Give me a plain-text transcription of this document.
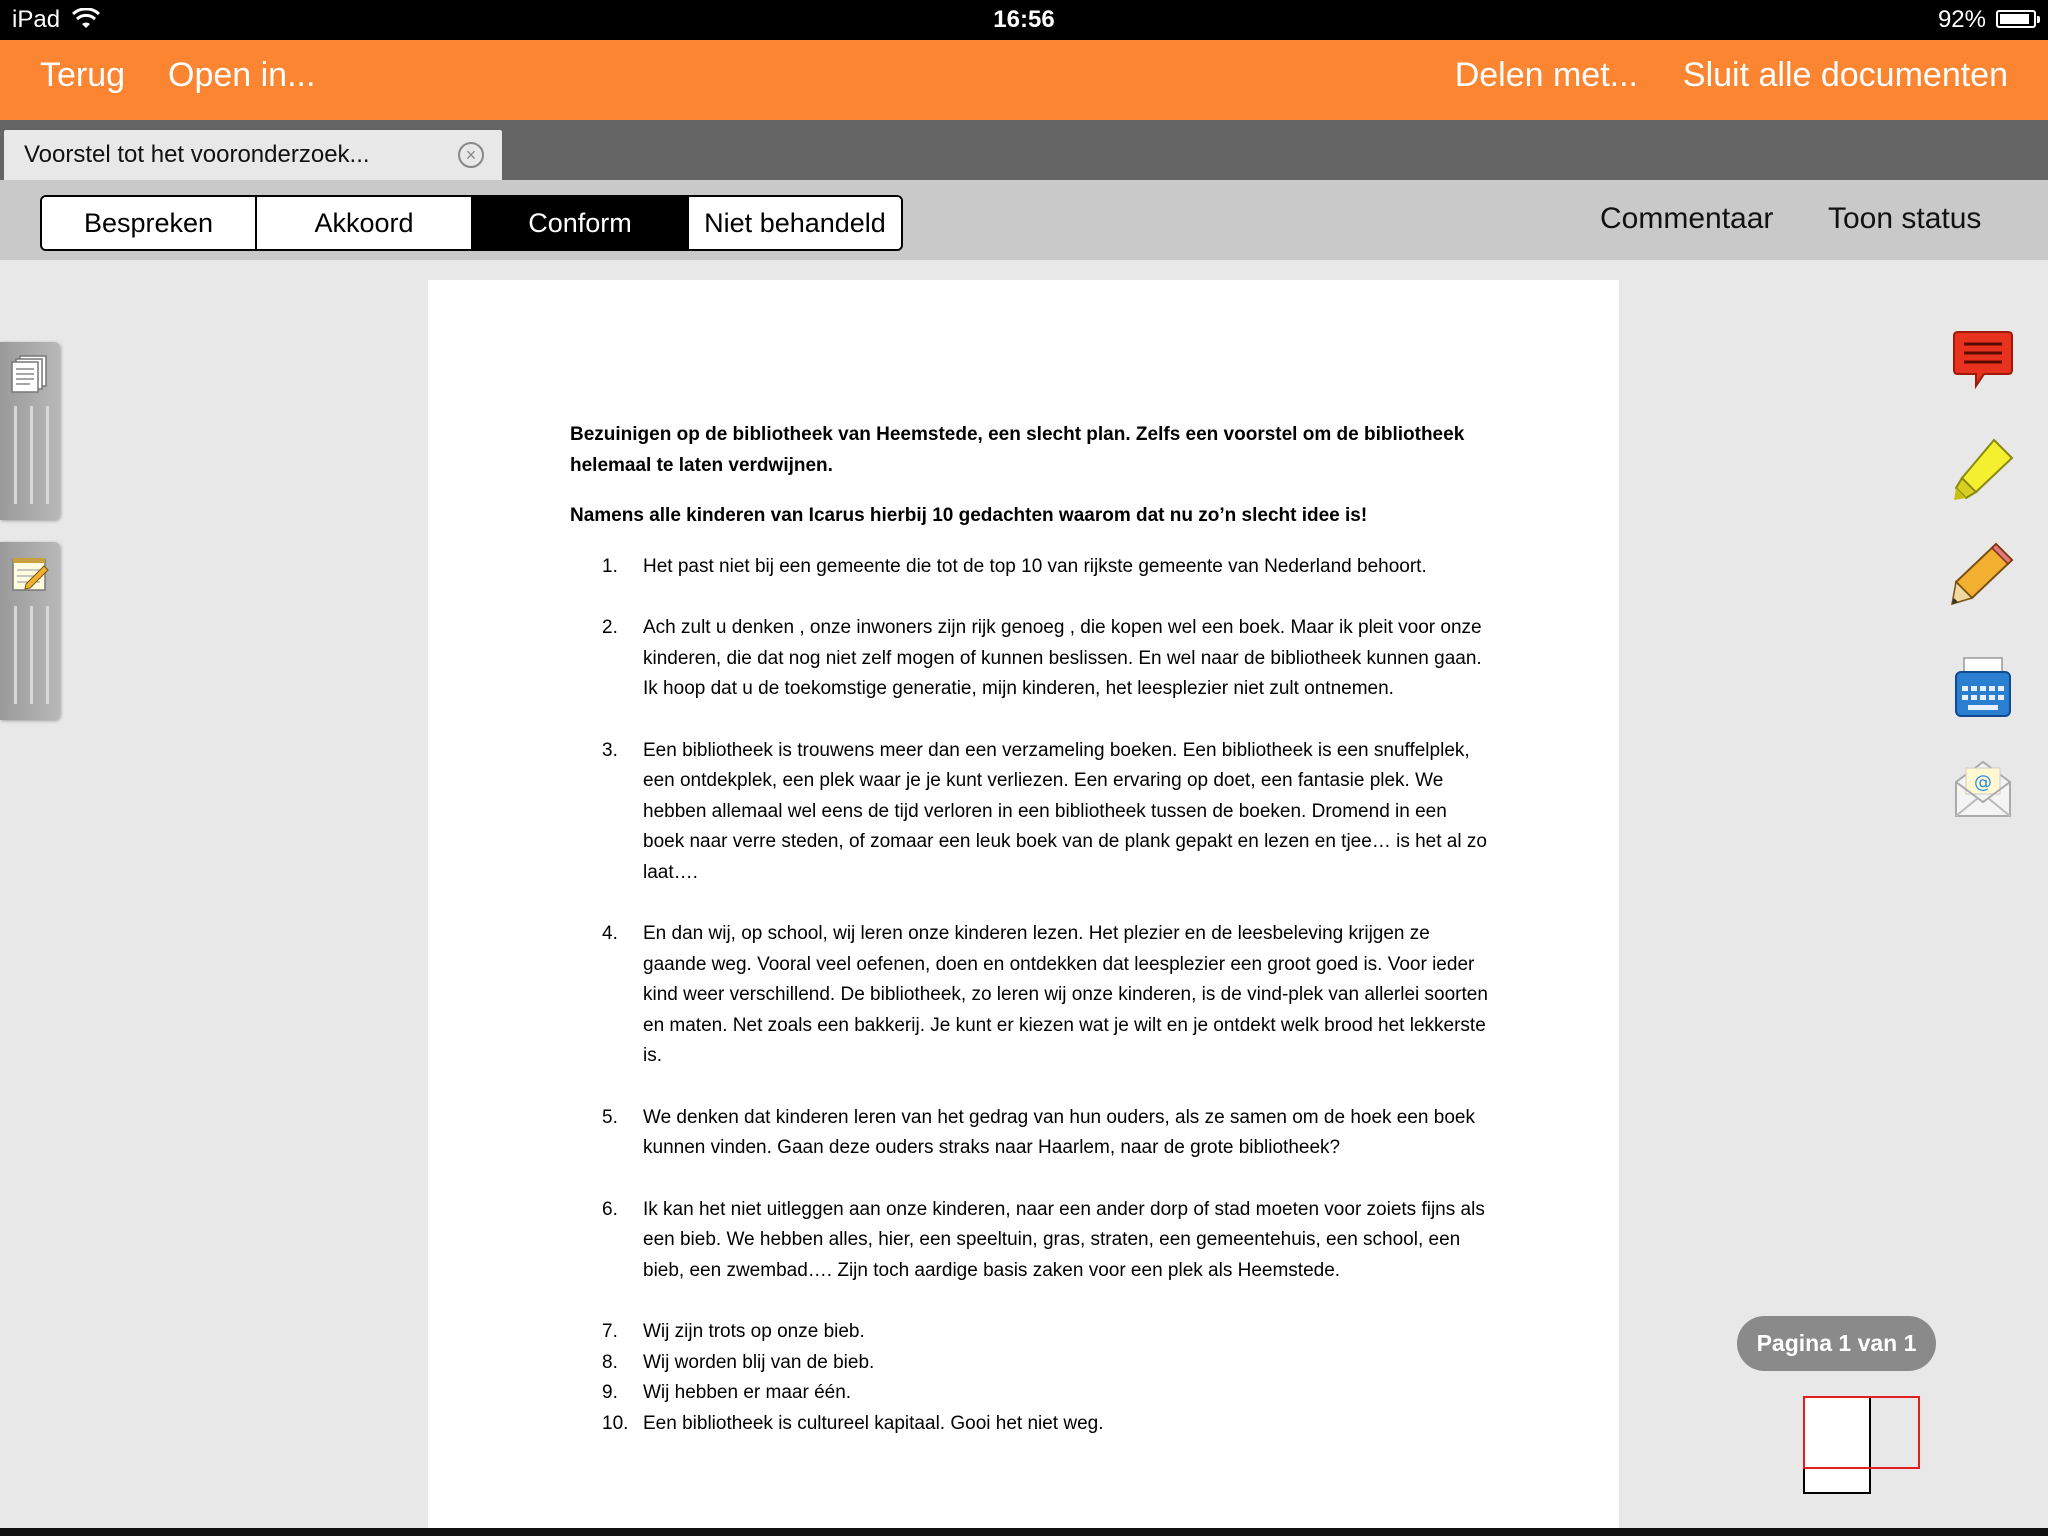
iPad	16:56	92%
Terug Open in...	Delen met... Sluit alle documenten
Voorstel tot het vooronderzoek...	×
Bespreken	Akkoord	Conform	Niet behandeld	Commentaar Toon status

Bezuinigen op de bibliotheek van Heemstede, een slecht plan. Zelfs een voorstel om de bibliotheek helemaal te laten verdwijnen.

Namens alle kinderen van Icarus hierbij 10 gedachten waarom dat nu zo’n slecht idee is!

1. Het past niet bij een gemeente die tot de top 10 van rijkste gemeente van Nederland behoort.
2. Ach zult u denken , onze inwoners zijn rijk genoeg , die kopen wel een boek. Maar ik pleit voor onze kinderen, die dat nog niet zelf mogen of kunnen beslissen. En wel naar de bibliotheek kunnen gaan. Ik hoop dat u de toekomstige generatie, mijn kinderen, het leesplezier niet zult ontnemen.
3. Een bibliotheek is trouwens meer dan een verzameling boeken. Een bibliotheek is een snuffelplek, een ontdekplek, een plek waar je je kunt verliezen. Een ervaring op doet, een fantasie plek. We hebben allemaal wel eens de tijd verloren in een bibliotheek tussen de boeken. Dromend in een boek naar verre steden, of zomaar een leuk boek van de plank gepakt en lezen en tjee… is het al zo laat….
4. En dan wij, op school, wij leren onze kinderen lezen. Het plezier en de leesbeleving krijgen ze gaande weg. Vooral veel oefenen, doen en ontdekken dat leesplezier een groot goed is. Voor ieder kind weer verschillend. De bibliotheek, zo leren wij onze kinderen, is de vind-plek van allerlei soorten en maten. Net zoals een bakkerij. Je kunt er kiezen wat je wilt en je ontdekt welk brood het lekkerste is.
5. We denken dat kinderen leren van het gedrag van hun ouders, als ze samen om de hoek een boek kunnen vinden. Gaan deze ouders straks naar Haarlem, naar de grote bibliotheek?
6. Ik kan het niet uitleggen aan onze kinderen, naar een ander dorp of stad moeten voor zoiets fijns als een bieb. We hebben alles, hier, een speeltuin, gras, straten, een gemeentehuis, een school, een bieb, een zwembad…. Zijn toch aardige basis zaken voor een plek als Heemstede.
7. Wij zijn trots op onze bieb.
8. Wij worden blij van de bieb.
9. Wij hebben er maar één.
10. Een bibliotheek is cultureel kapitaal. Gooi het niet weg.
@
Pagina 1 van 1
